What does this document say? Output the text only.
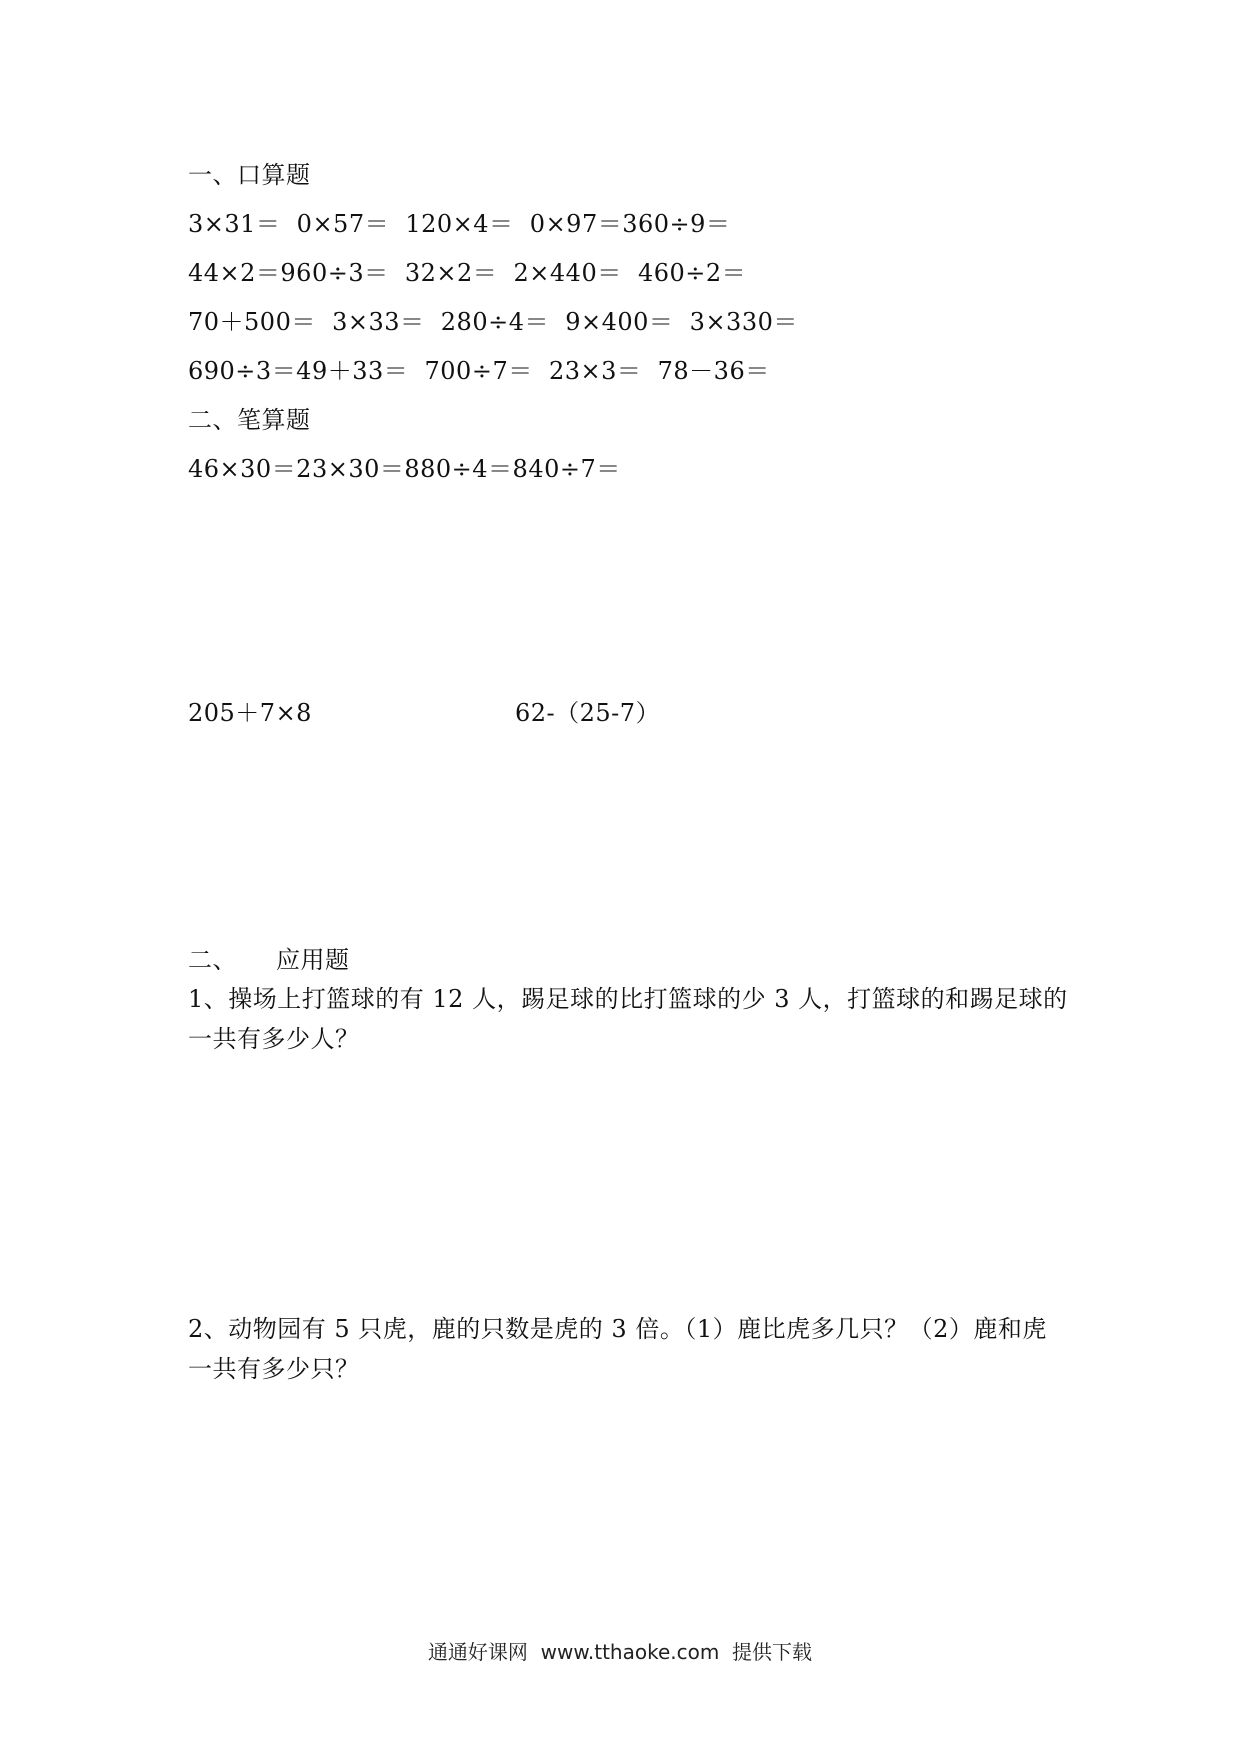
一、口算题
3×31＝  0×57＝  120×4＝  0×97＝360÷9＝
44×2＝960÷3＝  32×2＝  2×440＝  460÷2＝
70＋500＝  3×33＝  280÷4＝  9×400＝  3×330＝
690÷3＝49＋33＝  700÷7＝  23×3＝  78－36＝
二、笔算题
46×30＝23×30＝880÷4＝840÷7＝
205＋7×8	62-（25-7）
二、 应用题
1、操场上打篮球的有 12 人，踢足球的比打篮球的少 3 人，打篮球的和踢足球的
一共有多少人？
2、动物园有 5 只虎，鹿的只数是虎的 3 倍。（1）鹿比虎多几只？（2）鹿和虎
一共有多少只？
通通好课网  www.tthaoke.com  提供下载
